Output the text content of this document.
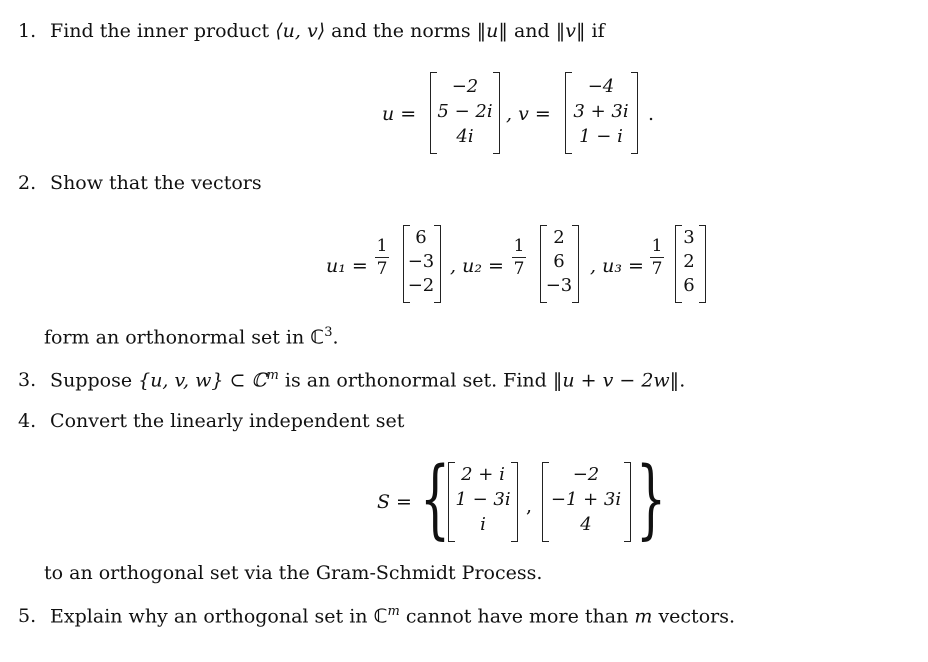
1. Find the inner product ⟨u, v⟩ and the norms ‖u‖ and ‖v‖ if
u =
−2
5 − 2i
4i
, v =
−4
3 + 3i
1 − i
.
2. Show that the vectors
u₁ =
1
7
6
−3
−2
, u₂ =
1
7
2
6
−3
, u₃ =
1
7
3
2
6
form an orthonormal set in ℂ$^3$.
3. Suppose {u, v, w} ⊂ ℂ$^m$ is an orthonormal set. Find ‖u + v − 2w‖.
4. Convert the linearly independent set
S = { 2 + i
1 − 3i
i
,
−2
−1 + 3i
4 }
to an orthogonal set via the Gram-Schmidt Process.
5. Explain why an orthogonal set in ℂ$^m$ cannot have more than m vectors.
